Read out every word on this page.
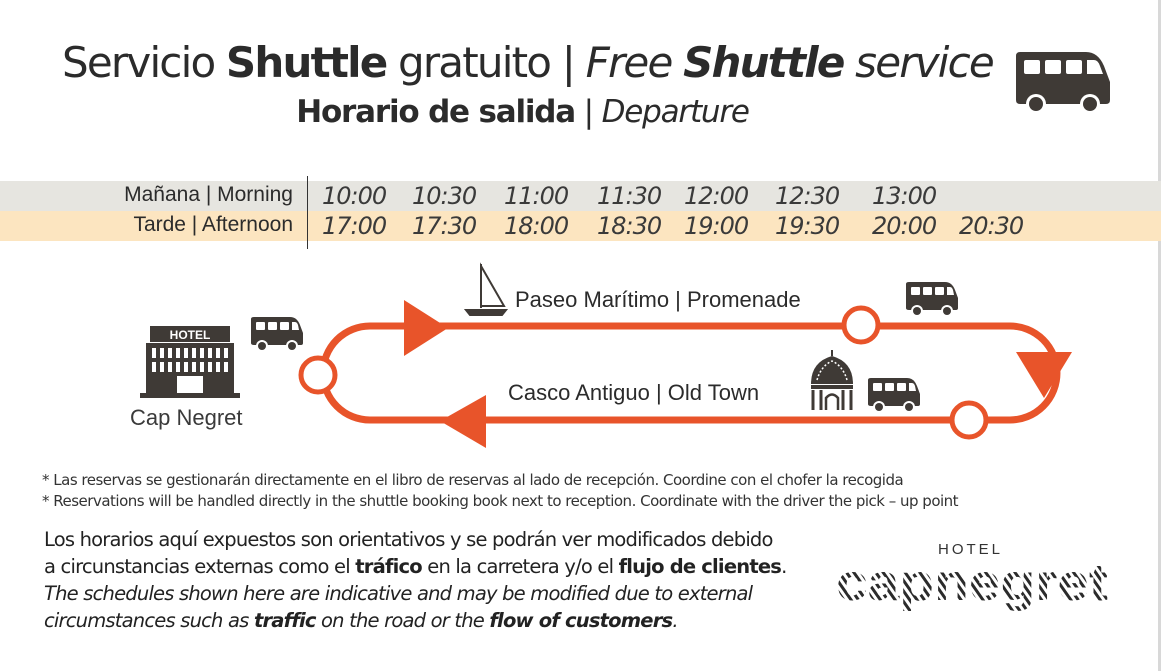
Servicio Shuttle gratuito | Free Shuttle service
Horario de salida | Departure
Mañana | Morning 10:00 10:30 11:00 11:30 12:00 12:30 13:00
Tarde | Afternoon 17:00 17:30 18:00 18:30 19:00 19:30 20:00 20:30
HOTEL
Paseo Marítimo | Promenade
Casco Antiguo | Old Town
Cap Negret
* Las reservas se gestionarán directamente en el libro de reservas al lado de recepción. Coordine con el chofer la recogida
* Reservations will be handled directly in the shuttle booking book next to reception. Coordinate with the driver the pick – up point
Los horarios aquí expuestos son orientativos y se podrán ver modificados debido
a circunstancias externas como el tráfico en la carretera y/o el flujo de clientes.
The schedules shown here are indicative and may be modified due to external
circumstances such as traffic on the road or the flow of customers.
HOTEL
capnegret
